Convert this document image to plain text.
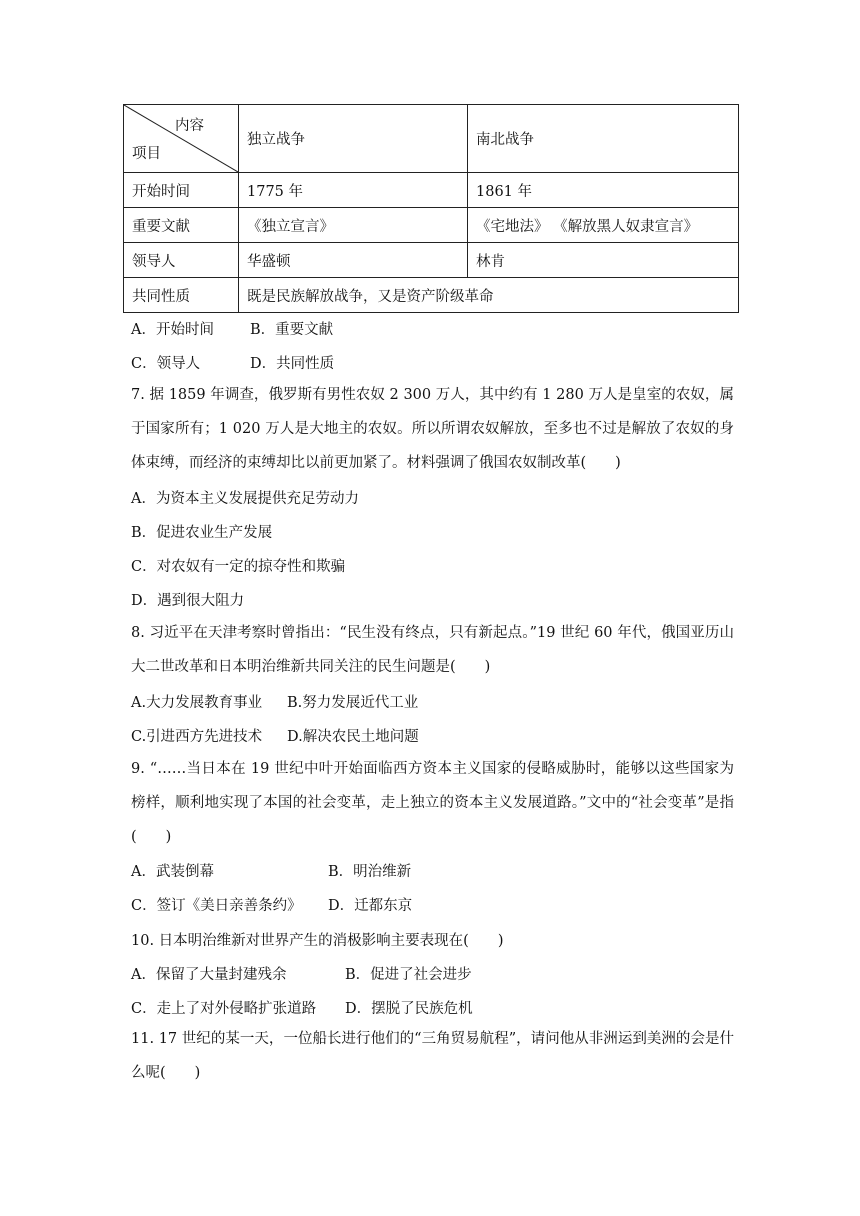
内容
项目	独立战争	南北战争
开始时间	1775 年	1861 年
重要文献	《独立宣言》	《宅地法》 《解放黑人奴隶宣言》
领导人	华盛顿	林肯
共同性质	既是民族解放战争，又是资产阶级革命	
A．开始时间 B．重要文献
C．领导人	D．共同性质
7. 据 1859 年调查，俄罗斯有男性农奴 2 300 万人，其中约有 1 280 万人是皇室的农奴，属于国家所有；1 020 万人是大地主的农奴。所以所谓农奴解放，至多也不过是解放了农奴的身体束缚，而经济的束缚却比以前更加紧了。材料强调了俄国农奴制改革(　　)
A．为资本主义发展提供充足劳动力
B．促进农业生产发展
C．对农奴有一定的掠夺性和欺骗
D．遇到很大阻力
8. 习近平在天津考察时曾指出：“民生没有终点，只有新起点。”19 世纪 60 年代，俄国亚历山大二世改革和日本明治维新共同关注的民生问题是(　　)
A.大力发展教育事业 B.努力发展近代工业
C.引进西方先进技术 D.解决农民土地问题
9. “……当日本在 19 世纪中叶开始面临西方资本主义国家的侵略威胁时，能够以这些国家为榜样，顺利地实现了本国的社会变革，走上独立的资本主义发展道路。”文中的“社会变革”是指(　　)
A．武装倒幕	B．明治维新
C．签订《美日亲善条约》 D．迁都东京
10. 日本明治维新对世界产生的消极影响主要表现在(　　)
A．保留了大量封建残余	B．促进了社会进步
C．走上了对外侵略扩张道路 D．摆脱了民族危机
11. 17 世纪的某一天，一位船长进行他们的“三角贸易航程”，请问他从非洲运到美洲的会是什么呢(　　)
